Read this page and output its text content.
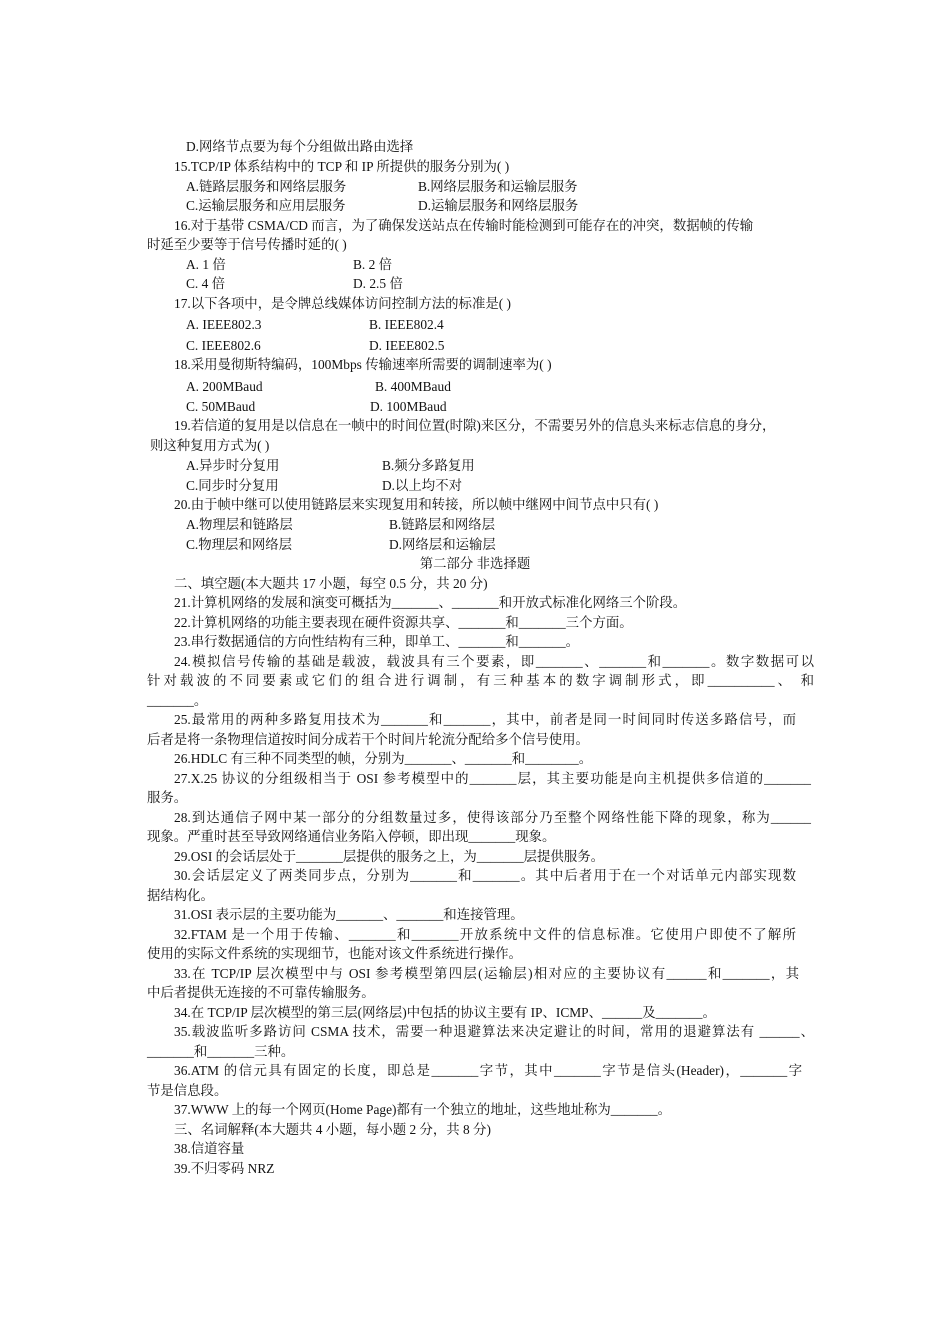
D.网络节点要为每个分组做出路由选择
15.TCP/IP 体系结构中的 TCP 和 IP 所提供的服务分别为( )
A.链路层服务和网络层服务	B.网络层服务和运输层服务
C.运输层服务和应用层服务	D.运输层服务和网络层服务
16.对于基带 CSMA/CD 而言，为了确保发送站点在传输时能检测到可能存在的冲突，数据帧的传输
时延至少要等于信号传播时延的( )
A. 1 倍	B. 2 倍
C. 4 倍	D. 2.5 倍
17.以下各项中，是令牌总线媒体访问控制方法的标准是( )
A. IEEE802.3	B. IEEE802.4
C. IEEE802.6	D. IEEE802.5
18.采用曼彻斯特编码，100Mbps 传输速率所需要的调制速率为( )
A. 200MBaud	B. 400MBaud
C. 50MBaud	D. 100MBaud
19.若信道的复用是以信息在一帧中的时间位置(时隙)来区分，不需要另外的信息头来标志信息的身分，
则这种复用方式为( )
A.异步时分复用	B.频分多路复用
C.同步时分复用	D.以上均不对
20.由于帧中继可以使用链路层来实现复用和转接，所以帧中继网中间节点中只有( )
A.物理层和链路层	B.链路层和网络层
C.物理层和网络层	D.网络层和运输层
第二部分 非选择题
二、填空题(本大题共 17 小题，每空 0.5 分，共 20 分)
21.计算机网络的发展和演变可概括为_______、_______和开放式标准化网络三个阶段。
22.计算机网络的功能主要表现在硬件资源共享、_______和_______三个方面。
23.串行数据通信的方向性结构有三种，即单工、_______和_______。
24.模拟信号传输的基础是载波，载波具有三个要素，即_______、_______和_______。数字数据可以
针对载波的不同要素或它们的组合进行调制，有三种基本的数字调制形式，即__________、 和
_______。
25.最常用的两种多路复用技术为_______和_______，其中，前者是同一时间同时传送多路信号，而
后者是将一条物理信道按时间分成若干个时间片轮流分配给多个信号使用。
26.HDLC 有三种不同类型的帧，分别为_______、_______和________。
27.X.25 协议的分组级相当于 OSI 参考模型中的_______层，其主要功能是向主机提供多信道的_______
服务。
28.到达通信子网中某一部分的分组数量过多，使得该部分乃至整个网络性能下降的现象，称为______
现象。严重时甚至导致网络通信业务陷入停顿，即出现_______现象。
29.OSI 的会话层处于_______层提供的服务之上，为_______层提供服务。
30.会话层定义了两类同步点，分别为_______和_______。其中后者用于在一个对话单元内部实现数
据结构化。
31.OSI 表示层的主要功能为_______、_______和连接管理。
32.FTAM 是一个用于传输、_______和_______开放系统中文件的信息标准。它使用户即使不了解所
使用的实际文件系统的实现细节，也能对该文件系统进行操作。
33.在 TCP/IP 层次模型中与 OSI 参考模型第四层(运输层)相对应的主要协议有______和_______，其
中后者提供无连接的不可靠传输服务。
34.在 TCP/IP 层次模型的第三层(网络层)中包括的协议主要有 IP、ICMP、______及_______。
35.载波监听多路访问 CSMA 技术，需要一种退避算法来决定避让的时间，常用的退避算法有 ______、
_______和_______三种。
36.ATM 的信元具有固定的长度，即总是_______字节，其中_______字节是信头(Header)，_______字
节是信息段。
37.WWW 上的每一个网页(Home Page)都有一个独立的地址，这些地址称为_______。
三、名词解释(本大题共 4 小题，每小题 2 分，共 8 分)
38.信道容量
39.不归零码 NRZ
